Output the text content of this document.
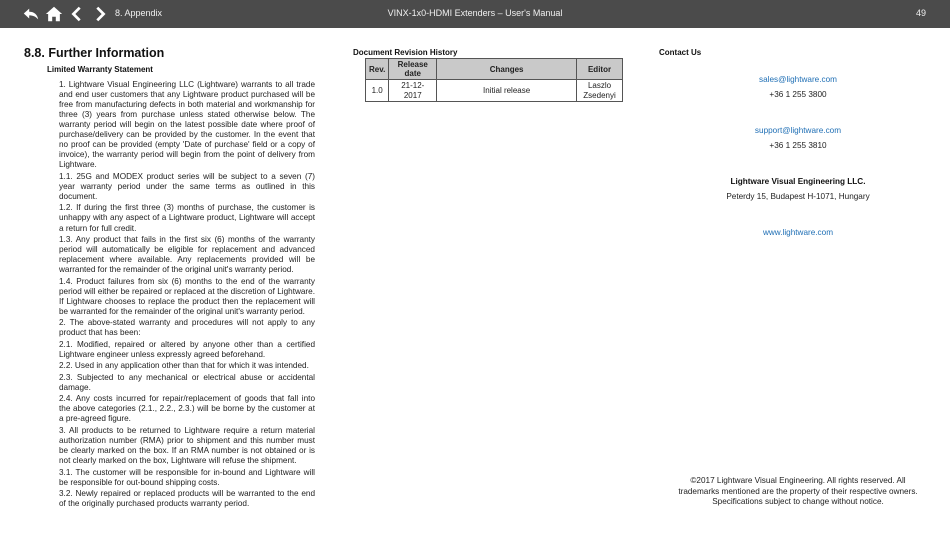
8. Appendix	VINX-1x0-HDMI Extenders – User's Manual	49
8.8. Further Information
Limited Warranty Statement

1. Lightware Visual Engineering LLC (Lightware) warrants to all trade and end user customers that any Lightware product purchased will be free from manufacturing defects in both material and workmanship for three (3) years from purchase unless stated otherwise below. The warranty period will begin on the latest possible date where proof of purchase/delivery can be provided by the customer. In the event that no proof can be provided (empty 'Date of purchase' field or a copy of invoice), the warranty period will begin from the point of delivery from Lightware.

1.1. 25G and MODEX product series will be subject to a seven (7) year warranty period under the same terms as outlined in this document.

1.2. If during the first three (3) months of purchase, the customer is unhappy with any aspect of a Lightware product, Lightware will accept a return for full credit.

1.3. Any product that fails in the first six (6) months of the warranty period will automatically be eligible for replacement and advanced replacement where available. Any replacements provided will be warranted for the remainder of the original unit's warranty period.

1.4. Product failures from six (6) months to the end of the warranty period will either be repaired or replaced at the discretion of Lightware. If Lightware chooses to replace the product then the replacement will be warranted for the remainder of the original unit's warranty period.

2. The above-stated warranty and procedures will not apply to any product that has been:

2.1. Modified, repaired or altered by anyone other than a certified Lightware engineer unless expressly agreed beforehand.

2.2. Used in any application other than that for which it was intended.

2.3. Subjected to any mechanical or electrical abuse or accidental damage.

2.4. Any costs incurred for repair/replacement of goods that fall into the above categories (2.1., 2.2., 2.3.) will be borne by the customer at a pre-agreed figure.

3. All products to be returned to Lightware require a return material authorization number (RMA) prior to shipment and this number must be clearly marked on the box. If an RMA number is not obtained or is not clearly marked on the box, Lightware will refuse the shipment.

3.1. The customer will be responsible for in-bound and Lightware will be responsible for out-bound shipping costs.

3.2. Newly repaired or replaced products will be warranted to the end of the originally purchased products warranty period.

Document Revision History
Rev.	Release date	Changes	Editor
1.0	21-12-2017	Initial release	Laszlo Zsedenyi
Contact Us
sales@lightware.com
+36 1 255 3800
support@lightware.com
+36 1 255 3810
Lightware Visual Engineering LLC.
Peterdy 15, Budapest H-1071, Hungary
www.lightware.com
©2017 Lightware Visual Engineering. All rights reserved. All
trademarks mentioned are the property of their respective owners.
Specifications subject to change without notice.
